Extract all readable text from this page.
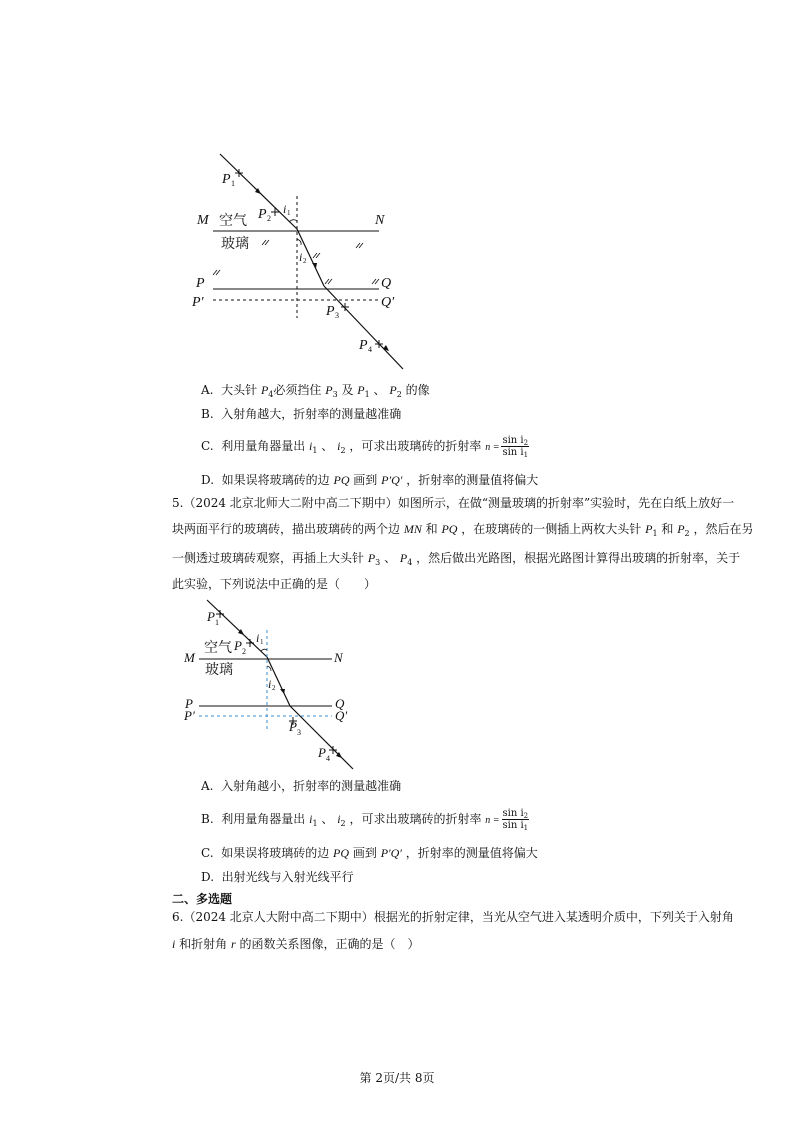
P 1
P 2
i 1
M	N
i 2
P	Q
P′	Q′
P 3
P 4
空气
玻璃
A. 大头针 $P_4$必须挡住 $P_3$ 及 $P_1$ 、 $P_2$ 的像
B. 入射角越大，折射率的测量越准确
C. 利用量角器量出 $i_1$ 、 $i_2$ ，可求出玻璃砖的折射率 $n = \frac{\sin i_2}{\sin i_1}$
D. 如果误将玻璃砖的边 PQ 画到 P′Q′ ，折射率的测量值将偏大
5.（2024 北京北师大二附中高二下期中）如图所示，在做“测量玻璃的折射率”实验时，先在白纸上放好一
块两面平行的玻璃砖，描出玻璃砖的两个边 MN 和 PQ ，在玻璃砖的一侧插上两枚大头针 $P_1$ 和 $P_2$ ，然后在另
一侧透过玻璃砖观察，再插上大头针 $P_3$ 、 $P_4$ ，然后做出光路图，根据光路图计算得出玻璃的折射率，关于
此实验，下列说法中正确的是（　　）
P 1
P 2
i 1
M	N
i 2
P	Q
P′	Q′
P 3
P 4
空气
玻璃
A. 入射角越小，折射率的测量越准确
B. 利用量角器量出 $i_1$ 、 $i_2$ ，可求出玻璃砖的折射率 $n = \frac{\sin i_2}{\sin i_1}$
C. 如果误将玻璃砖的边 PQ 画到 P′Q′ ，折射率的测量值将偏大
D. 出射光线与入射光线平行
二、多选题
6.（2024 北京人大附中高二下期中）根据光的折射定律，当光从空气进入某透明介质中，下列关于入射角
i 和折射角 r 的函数关系图像，正确的是（　）
第 2页/共 8页
